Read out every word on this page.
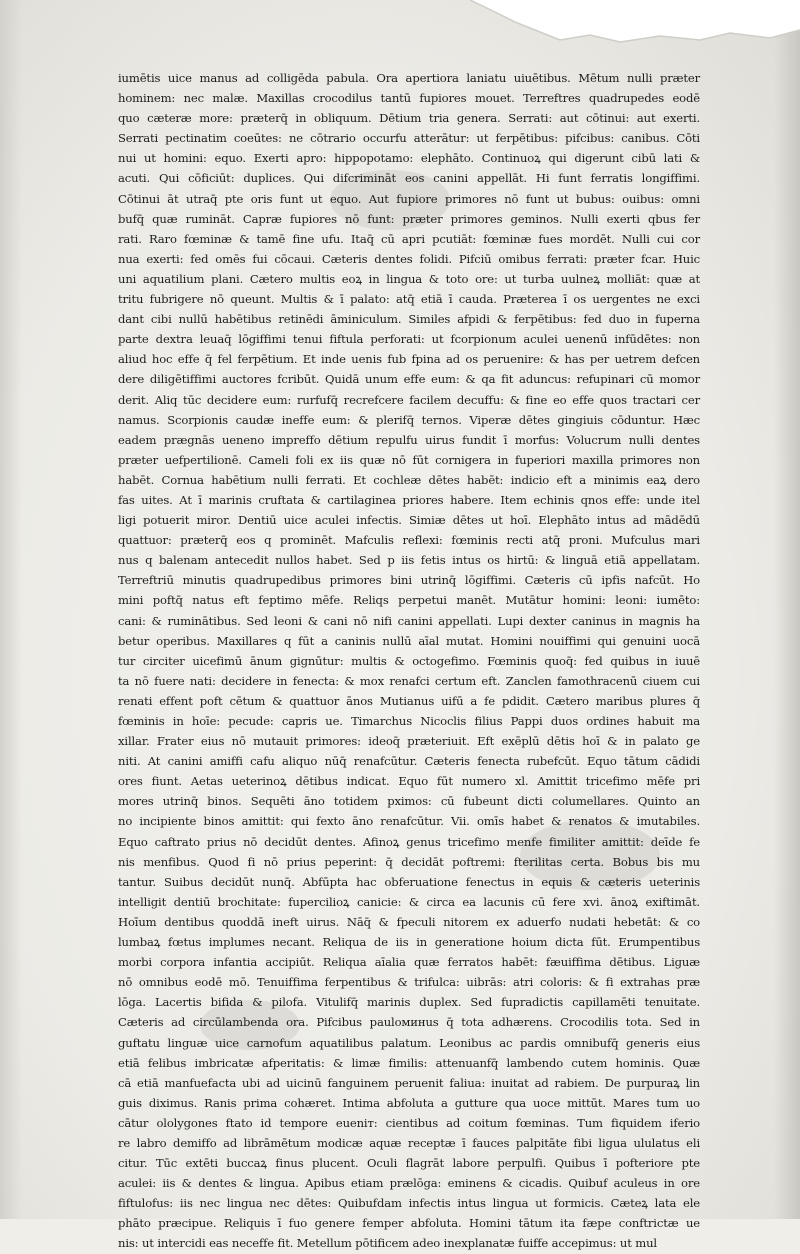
iumētis uice manus ad colligēda pabula. Ora apertiora laniatu uiuētibus. Mētum nulli præter
hominem: nec malæ. Maxillas crocodilus tantū fupiores mouet. Terreftres quadrupedes eodē
quo cæteræ more: præterq̄ in obliquum. Dētium tria genera. Serrati: aut cōtinui: aut exerti.
Serrati pectinatim coeūtes: ne cōtrario occurfu atterātur: ut ferpētibus: pifcibus: canibus. Cōti
nui ut homini: equo. Exerti apro: hippopotamo: elephāto. Continuoꝝ qui digerunt cibū lati &
acuti. Qui cōficiūt: duplices. Qui difcrimināt eos canini appellāt. Hi funt ferratis longiffimi.
Cōtinui āt utraq̄ pte oris funt ut equo. Aut fupiore primores nō funt ut bubus: ouibus: omni
bufq̄ quæ rumināt. Capræ fupiores nō funt: præter primores geminos. Nulli exerti qbus fer
rati. Raro fœminæ & tamē fine ufu. Itaq̄ cū apri pcutiāt: fœminæ fues mordēt. Nulli cui cor
nua exerti: fed omēs fui cōcaui. Cæteris dentes folidi. Pifciū omibus ferrati: præter fcar. Huic
uni aquatilium plani. Cætero multis eoꝝ in lingua & toto ore: ut turba uulneꝝ molliāt: quæ at
tritu fubrigere nō queunt. Multis & ī palato: atq̄ etiā ī cauda. Præterea ī os uergentes ne exci
dant cibi nullū habētibus retinēdi āminiculum. Similes afpidi & ferpētibus: fed duo in fuperna
parte dextra leuaq̄ lōgiffimi tenui fiftula perforati: ut fcorpionum aculei uenenū infūdētes: non
aliud hoc effe q̄ fel ferpētium. Et inde uenis fub fpina ad os peruenire: & has per uetrem defcen
dere diligētiffimi auctores fcribūt. Quidā unum effe eum: & qa fit aduncus: refupinari cū momor
derit. Aliq tūc decidere eum: rurfufq̄ recrefcere facilem decuffu: & fine eo effe quos tractari cer
namus. Scorpionis caudæ ineffe eum: & plerifq̄ ternos. Viperæ dētes gingiuis cōduntur. Hæc
eadem prægnās ueneno impreffo dētium repulfu uirus fundit ī morfus: Volucrum nulli dentes
præter uefpertilionē. Cameli foli ex iis quæ nō fūt cornigera in fuperiori maxilla primores non
habēt. Cornua habētium nulli ferrati. Et cochleæ dētes habēt: indicio eft a minimis eaꝝ dero
fas uites. At ī marinis cruftata & cartilaginea priores habere. Item echinis qnos effe: unde itel
ligi potuerit miror. Dentiū uice aculei infectis. Simiæ dētes ut hoī. Elephāto intus ad mādēdū
quattuor: præterq̄ eos q prominēt. Mafculis reflexi: fœminis recti atq̄ proni. Mufculus mari
nus q balenam antecedit nullos habet. Sed p iis fetis intus os hirtū: & linguā etiā appellatam.
Terreftriū minutis quadrupedibus primores bini utrinq̄ lōgiffimi. Cæteris cū ipfis nafcūt. Ho
mini poftq̄ natus eft feptimo mēfe. Reliqs perpetui manēt. Mutātur homini: leoni: iumēto:
cani: & ruminātibus. Sed leoni & cani nō nifi canini appellati. Lupi dexter caninus in magnis ha
betur operibus. Maxillares q fūt a caninis nullū aīal mutat. Homini nouiffimi qui genuini uocā
tur circiter uicefimū ānum gignūtur: multis & octogefimo. Fœminis quoq̄: fed quibus in iuuē
ta nō fuere nati: decidere in fenecta: & mox renafci certum eft. Zanclen famothracenū ciuem cui
renati effent poft cētum & quattuor ānos Mutianus uifū a fe pdidit. Cætero maribus plures q̄
fœminis in hoīe: pecude: capris ue. Timarchus Nicoclis filius Pappi duos ordines habuit ma
xillar. Frater eius nō mutauit primores: ideoq̄ præteriuit. Eft exēplū dētis hoī & in palato ge
niti. At canini amiffi cafu aliquo nūq̄ renafcūtur. Cæteris fenecta rubefcūt. Equo tātum cādidi
ores fiunt. Aetas ueterinoꝝ dētibus indicat. Equo fūt numero xl. Amittit tricefimo mēfe pri
mores utrinq̄ binos. Sequēti āno totidem pximos: cū fubeunt dicti columellares. Quinto an
no incipiente binos amittit: qui fexto āno renafcūtur. Vii. omīs habet & renatos & imutabiles.
Equo caftrato prius nō decidūt dentes. Afinoꝝ genus tricefimo menfe fimiliter amittit: deīde fe
nis menfibus. Quod fi nō prius peperint: q̄ decidāt poftremi: fterilitas certa. Bobus bis mu
tantur. Suibus decidūt nunq̄. Abfūpta hac obferuatione fenectus in equis & cæteris ueterinis
intelligit dentiū brochitate: fupercilioꝝ canicie: & circa ea lacunis cū fere xvi. ānoꝝ exiftimāt.
Hoīum dentibus quoddā ineft uirus. Nāq̄ & fpeculi nitorem ex aduerfo nudati hebetāt: & co
lumbaꝝ fœtus implumes necant. Reliqua de iis in generatione hoium dicta fūt. Erumpentibus
morbi corpora infantia accipiūt. Reliqua aīalia quæ ferratos habēt: fæuiffima dētibus. Liguæ
nō omnibus eodē mō. Tenuiffima ferpentibus & trifulca: uibrās: atri coloris: & fi extrahas præ
lōga. Lacertis bifida & pilofa. Vitulifq̄ marinis duplex. Sed fupradictis capillamēti tenuitate.
Cæteris ad circūlambenda ora. Pifcibus pauloминus q̄ tota adhærens. Crocodilis tota. Sed in
guftatu linguæ uice carnofum aquatilibus palatum. Leonibus ac pardis omnibufq̄ generis eius
etiā felibus imbricatæ afperitatis: & limæ fimilis: attenuanfq̄ lambendo cutem hominis. Quæ
cā etiā manfuefacta ubi ad uicinū fanguinem peruenit faliua: inuitat ad rabiem. De purpuraꝝ lin
guis diximus. Ranis prima cohæret. Intima abfoluta a gutture qua uoce mittūt. Mares tum uo
cātur ololygones ftato id tempore eueniт: cientibus ad coitum fœminas. Tum fiquidem iferio
re labro demiffo ad librāmētum modicæ aquæ receptæ ī fauces palpitāte fibi ligua ululatus eli
citur. Tūc extēti buccaꝝ finus plucent. Oculi flagrāt labore perpulfi. Quibus ī pofteriore pte
aculei: iis & dentes & lingua. Apibus etiam prælōga: eminens & cicadis. Quibuf aculeus in ore
fiftulofus: iis nec lingua nec dētes: Quibufdam infectis intus lingua ut formicis. Cæteꝝ lata ele
phāto præcipue. Reliquis ī fuo genere femper abfoluta. Homini tātum ita fæpe conftrictæ ue
nis: ut intercidi eas neceffe fit. Metellum pōtificem adeo inexplanatæ fuiffe accepimus: ut mul
